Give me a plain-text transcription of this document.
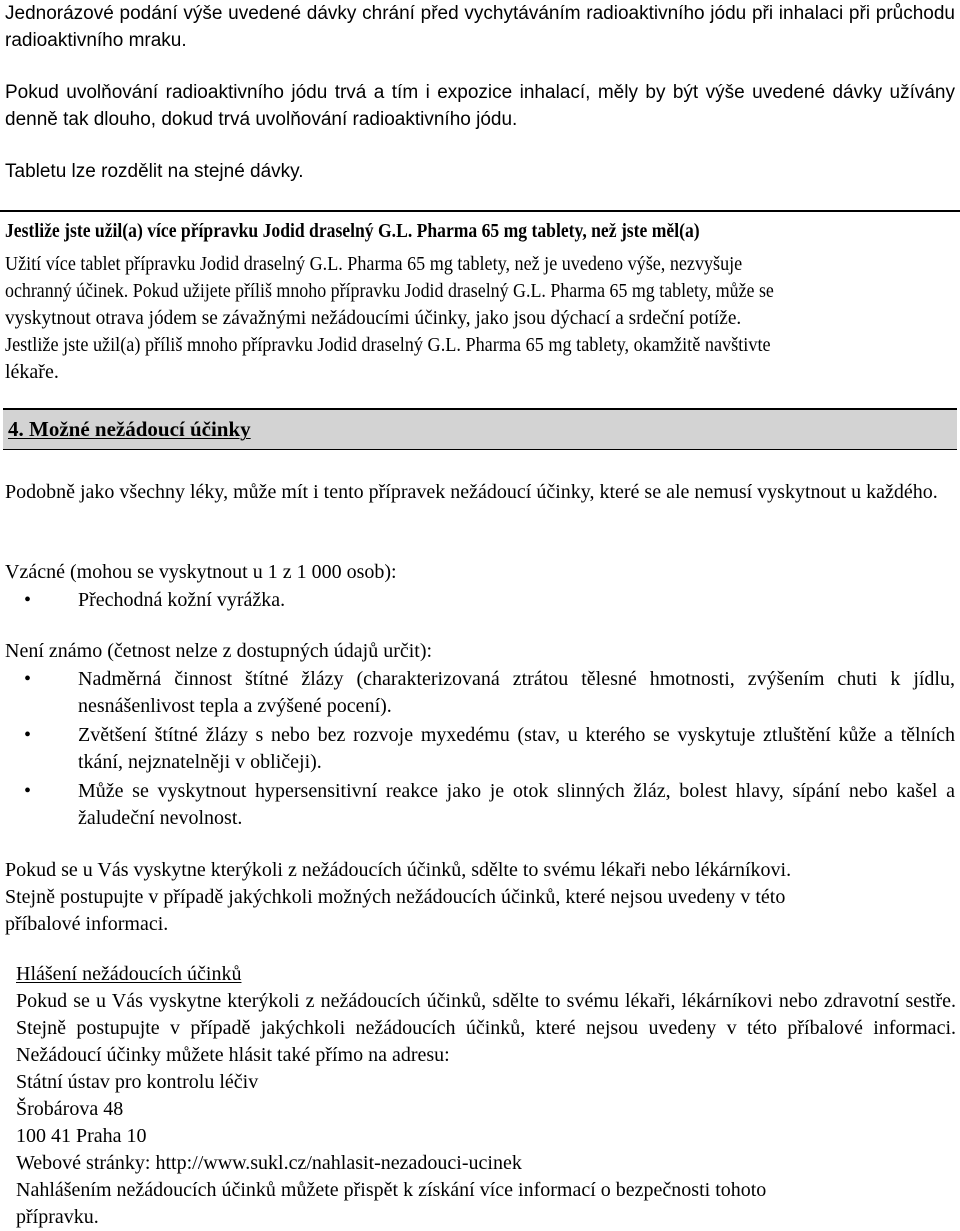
Jednorázové podání výše uvedené dávky chrání před vychytáváním radioaktivního jódu při inhalaci při průchodu radioaktivního mraku.

Pokud uvolňování radioaktivního jódu trvá a tím i expozice inhalací, měly by být výše uvedené dávky užívány denně tak dlouho, dokud trvá uvolňování radioaktivního jódu.

Tabletu lze rozdělit na stejné dávky.

Jestliže jste užil(a) více přípravku Jodid draselný G.L. Pharma 65 mg tablety, než jste měl(a)
Užití více tablet přípravku Jodid draselný G.L. Pharma 65 mg tablety, než je uvedeno výše, nezvyšuje
ochranný účinek. Pokud užijete příliš mnoho přípravku Jodid draselný G.L. Pharma 65 mg tablety, může se
vyskytnout otrava jódem se závažnými nežádoucími účinky, jako jsou dýchací a srdeční potíže.
Jestliže jste užil(a) příliš mnoho přípravku Jodid draselný G.L. Pharma 65 mg tablety, okamžitě navštivte
lékaře.
4. Možné nežádoucí účinky

Podobně jako všechny léky, může mít i tento přípravek nežádoucí účinky, které se ale nemusí vyskytnout u každého.

Vzácné (mohou se vyskytnout u 1 z 1 000 osob):

• Přechodná kožní vyrážka.

Není známo (četnost nelze z dostupných údajů určit):

• Nadměrná činnost štítné žlázy (charakterizovaná ztrátou tělesné hmotnosti, zvýšením chuti k jídlu, nesnášenlivost tepla a zvýšené pocení).
• Zvětšení štítné žlázy s nebo bez rozvoje myxedému (stav, u kterého se vyskytuje ztluštění kůže a tělních tkání, nejznatelněji v obličeji).
• Může se vyskytnout hypersensitivní reakce jako je otok slinných žláz, bolest hlavy, sípání nebo kašel a žaludeční nevolnost.
Pokud se u Vás vyskytne kterýkoli z nežádoucích účinků, sdělte to svému lékaři nebo lékárníkovi.
Stejně postupujte v případě jakýchkoli možných nežádoucích účinků, které nejsou uvedeny v této
příbalové informaci.
Hlášení nežádoucích účinků
Pokud se u Vás vyskytne kterýkoli z nežádoucích účinků, sdělte to svému lékaři, lékárníkovi nebo zdravotní sestře. Stejně postupujte v případě jakýchkoli nežádoucích účinků, které nejsou uvedeny v této příbalové informaci. Nežádoucí účinky můžete hlásit také přímo na adresu:
Státní ústav pro kontrolu léčiv
Šrobárova 48
100 41 Praha 10
Webové stránky: http://www.sukl.cz/nahlasit-nezadouci-ucinek
Nahlášením nežádoucích účinků můžete přispět k získání více informací o bezpečnosti tohoto
přípravku.
